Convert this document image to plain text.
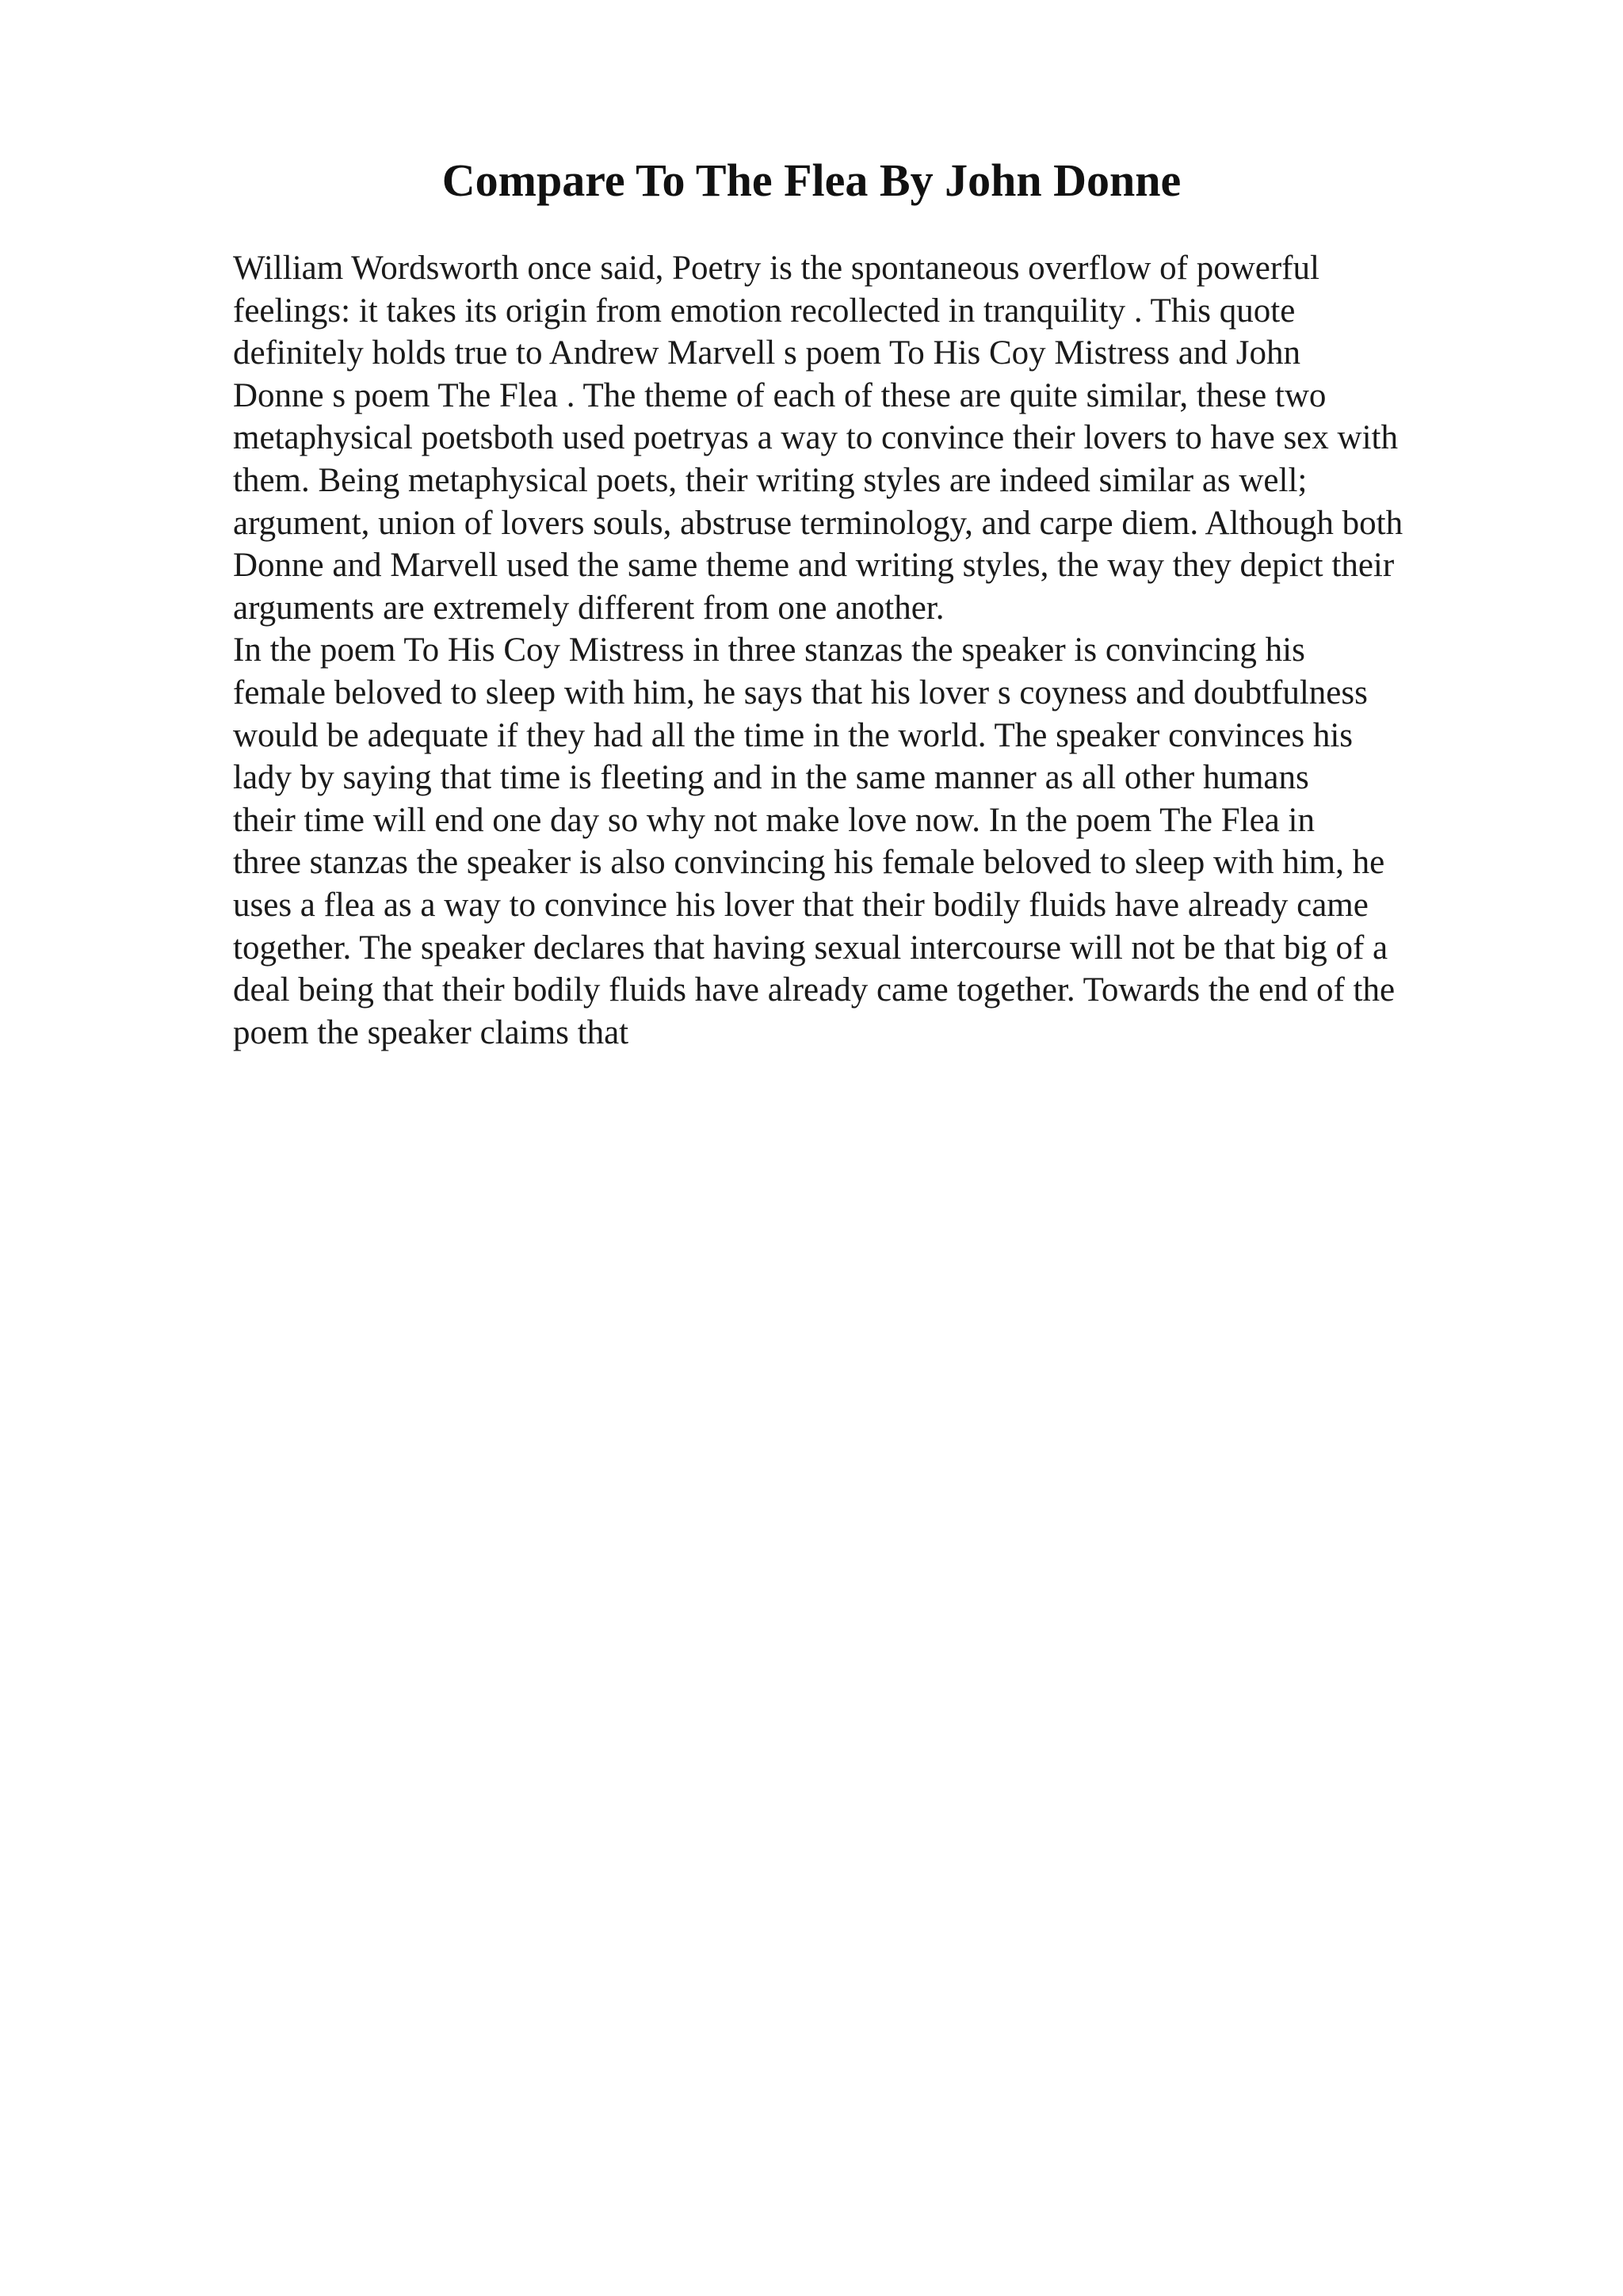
Compare To The Flea By John Donne
William Wordsworth once said, Poetry is the spontaneous overflow of powerful
feelings: it takes its origin from emotion recollected in tranquility . This quote
definitely holds true to Andrew Marvell s poem To His Coy Mistress and John
Donne s poem The Flea . The theme of each of these are quite similar, these two
metaphysical poetsboth used poetryas a way to convince their lovers to have sex with
them. Being metaphysical poets, their writing styles are indeed similar as well;
argument, union of lovers souls, abstruse terminology, and carpe diem. Although both
Donne and Marvell used the same theme and writing styles, the way they depict their
arguments are extremely different from one another.
In the poem To His Coy Mistress in three stanzas the speaker is convincing his
female beloved to sleep with him, he says that his lover s coyness and doubtfulness
would be adequate if they had all the time in the world. The speaker convinces his
lady by saying that time is fleeting and in the same manner as all other humans
their time will end one day so why not make love now. In the poem The Flea in
three stanzas the speaker is also convincing his female beloved to sleep with him, he
uses a flea as a way to convince his lover that their bodily fluids have already came
together. The speaker declares that having sexual intercourse will not be that big of a
deal being that their bodily fluids have already came together. Towards the end of the
poem the speaker claims that
